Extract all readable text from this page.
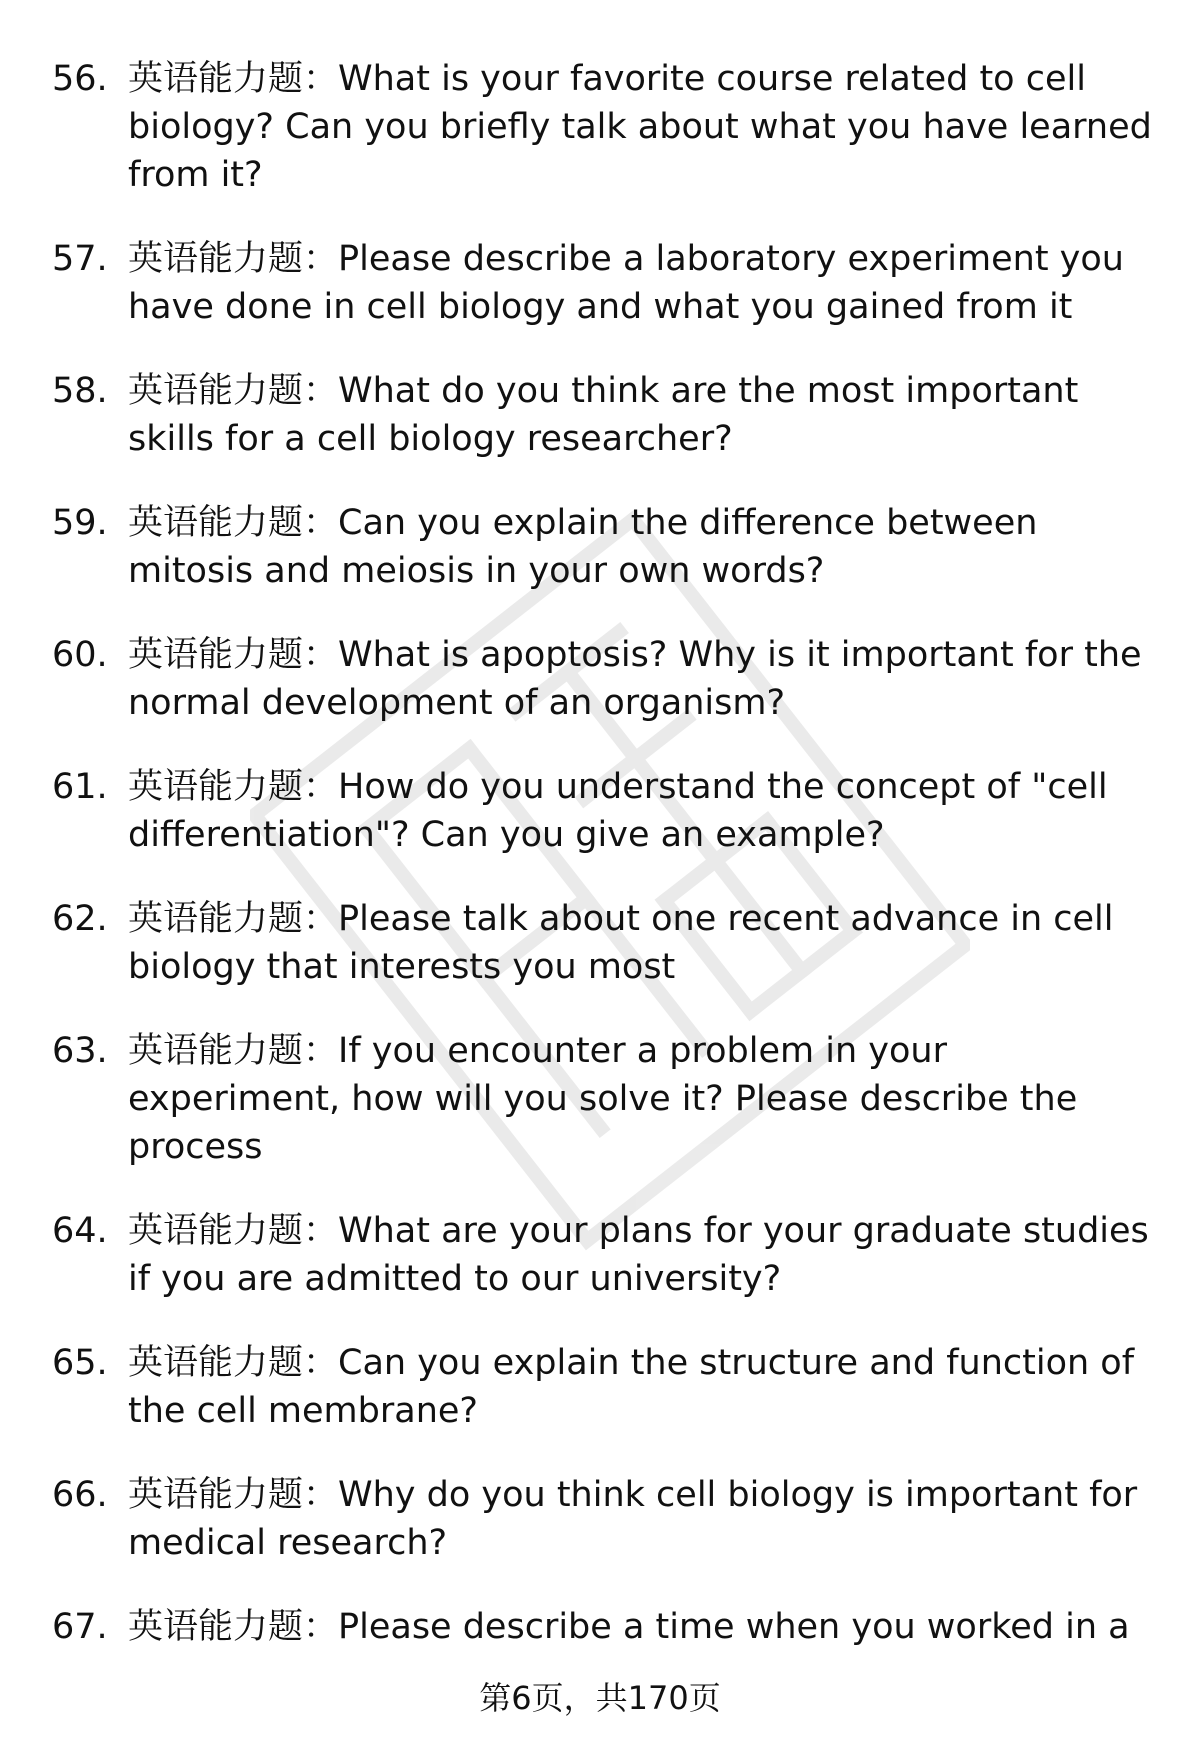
56. 英语能力题：What is your favorite course related to cell biology? Can you briefly talk about what you have learned from it?
57. 英语能力题：Please describe a laboratory experiment you have done in cell biology and what you gained from it
58. 英语能力题：What do you think are the most important skills for a cell biology researcher?
59. 英语能力题：Can you explain the difference between mitosis and meiosis in your own words?
60. 英语能力题：What is apoptosis? Why is it important for the normal development of an organism?
61. 英语能力题：How do you understand the concept of "cell differentiation"? Can you give an example?
62. 英语能力题：Please talk about one recent advance in cell biology that interests you most
63. 英语能力题：If you encounter a problem in your experiment, how will you solve it? Please describe the process
64. 英语能力题：What are your plans for your graduate studies if you are admitted to our university?
65. 英语能力题：Can you explain the structure and function of the cell membrane?
66. 英语能力题：Why do you think cell biology is important for medical research?
67. 英语能力题：Please describe a time when you worked in a
第6页，共170页
